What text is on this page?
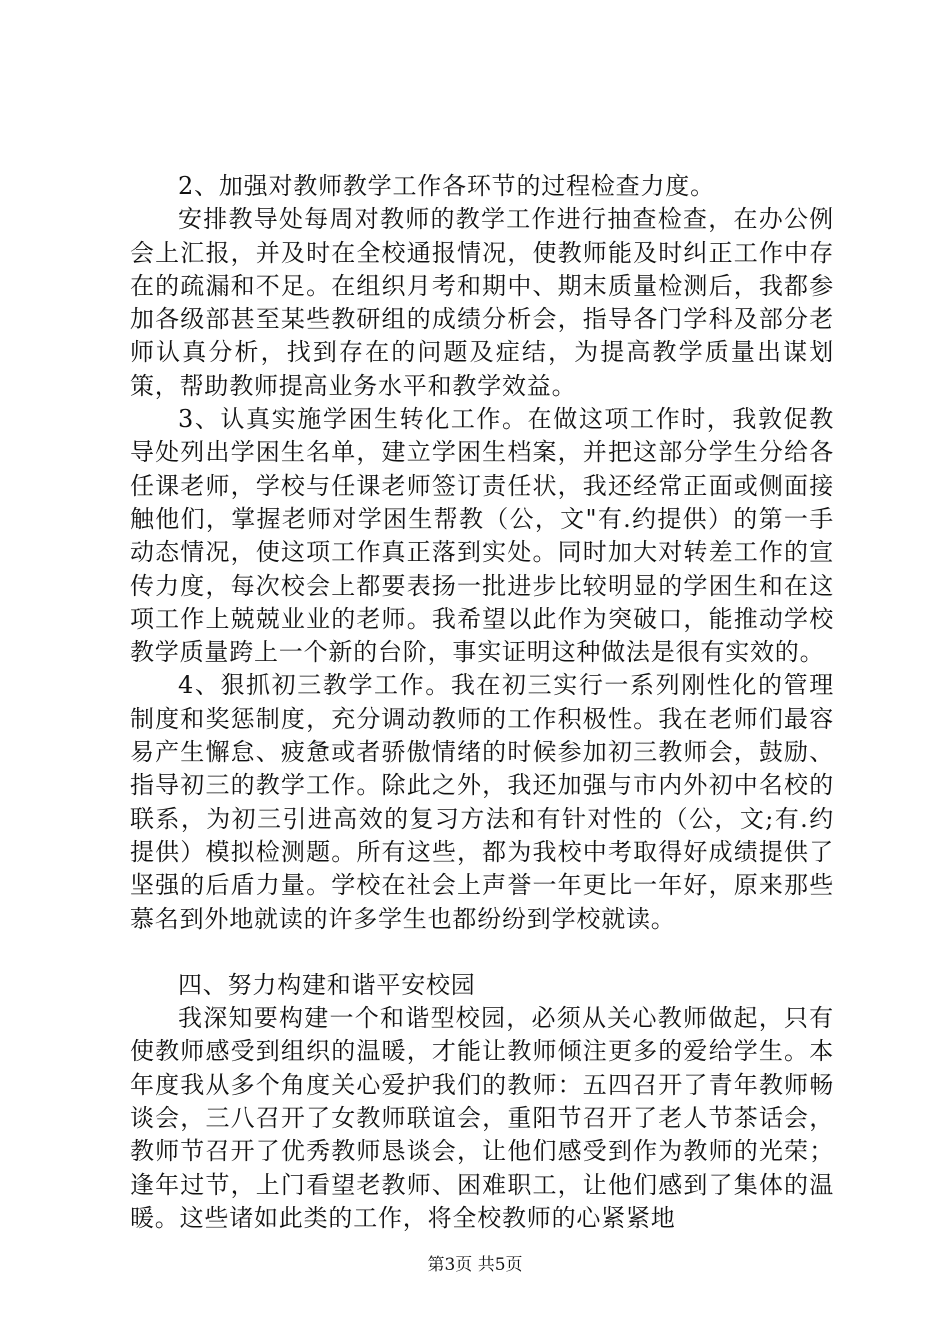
2、加强对教师教学工作各环节的过程检查力度。

安排教导处每周对教师的教学工作进行抽查检查，在办公例会上汇报，并及时在全校通报情况，使教师能及时纠正工作中存在的疏漏和不足。在组织月考和期中、期末质量检测后，我都参加各级部甚至某些教研组的成绩分析会，指导各门学科及部分老师认真分析，找到存在的问题及症结，为提高教学质量出谋划策，帮助教师提高业务水平和教学效益。

3、认真实施学困生转化工作。在做这项工作时，我敦促教导处列出学困生名单，建立学困生档案，并把这部分学生分给各任课老师，学校与任课老师签订责任状，我还经常正面或侧面接触他们，掌握老师对学困生帮教（公，文"有.约提供）的第一手动态情况，使这项工作真正落到实处。同时加大对转差工作的宣传力度，每次校会上都要表扬一批进步比较明显的学困生和在这项工作上兢兢业业的老师。我希望以此作为突破口，能推动学校教学质量跨上一个新的台阶，事实证明这种做法是很有实效的。

4、狠抓初三教学工作。我在初三实行一系列刚性化的管理制度和奖惩制度，充分调动教师的工作积极性。我在老师们最容易产生懈怠、疲惫或者骄傲情绪的时候参加初三教师会，鼓励、指导初三的教学工作。除此之外，我还加强与市内外初中名校的联系，为初三引进高效的复习方法和有针对性的（公，文;有.约提供）模拟检测题。所有这些，都为我校中考取得好成绩提供了坚强的后盾力量。学校在社会上声誉一年更比一年好，原来那些慕名到外地就读的许多学生也都纷纷到学校就读。

四、努力构建和谐平安校园

我深知要构建一个和谐型校园，必须从关心教师做起，只有使教师感受到组织的温暖，才能让教师倾注更多的爱给学生。本年度我从多个角度关心爱护我们的教师：五四召开了青年教师畅谈会，三八召开了女教师联谊会，重阳节召开了老人节茶话会，教师节召开了优秀教师恳谈会，让他们感受到作为教师的光荣；逢年过节，上门看望老教师、困难职工，让他们感到了集体的温暖。这些诸如此类的工作，将全校教师的心紧紧地

第3页 共5页
